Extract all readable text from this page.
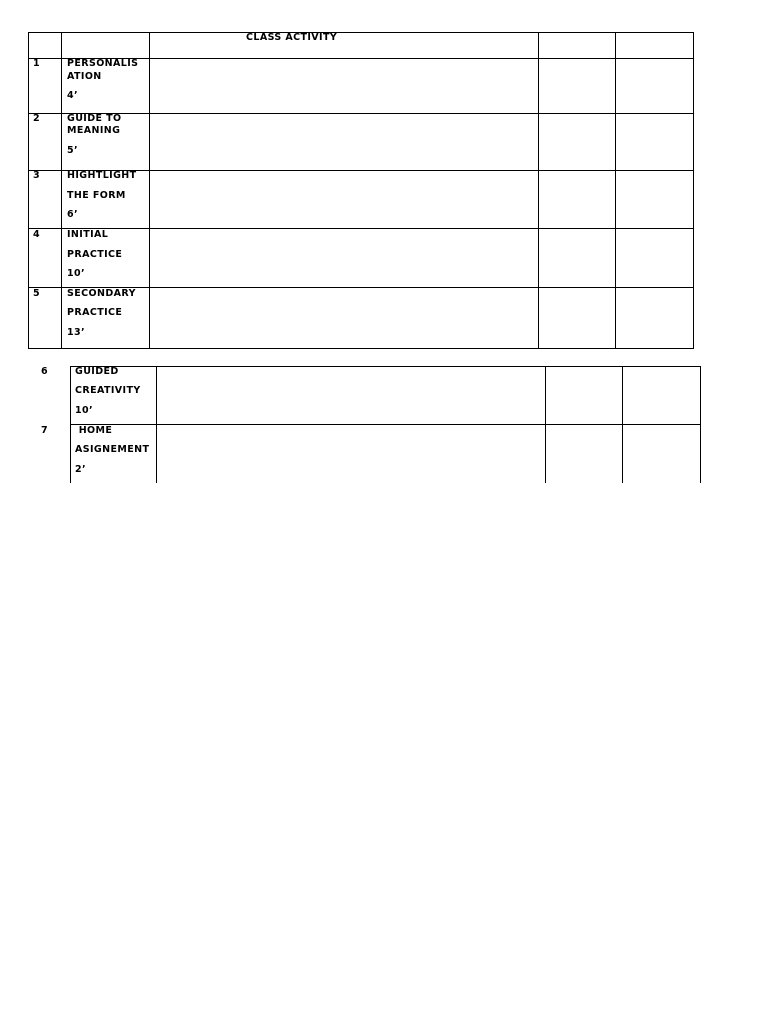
CLASS ACTIVITY
1	PERSONALIS
ATION
4’
2	GUIDE TO
MEANING
5’
3	HIGHTLIGHT
THE FORM
6’
4	INITIAL
PRACTICE
10’
5	SECONDARY
PRACTICE
13’
6	GUIDED
CREATIVITY
10’
7	HOME
ASIGNEMENT
2’
